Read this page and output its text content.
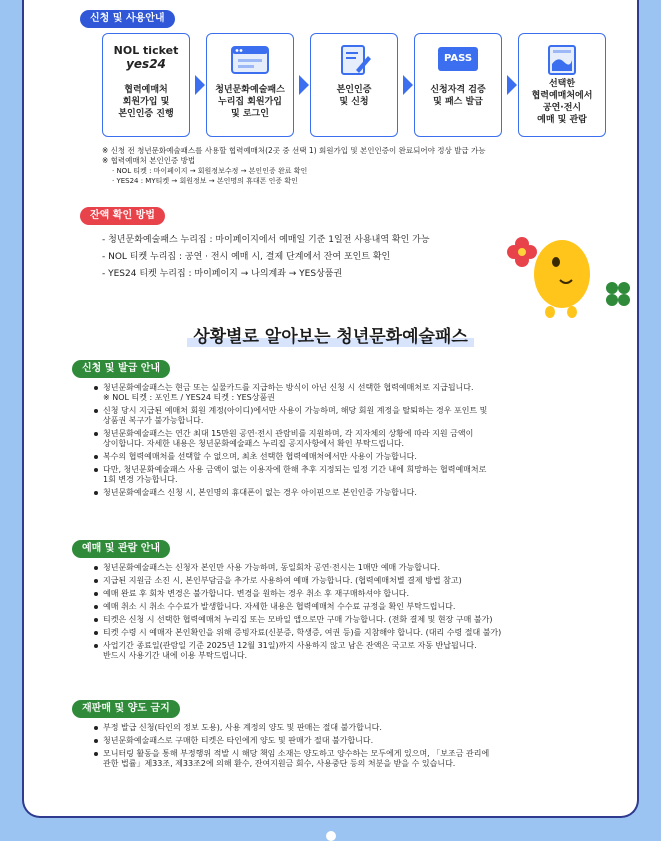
신청 및 사용안내
NOL ticket
yes24
협력예매처
회원가입 및
본인인증 진행
청년문화예술패스
누리집 회원가입
및 로그인
본인인증
및 신청
PASS
신청자격 검증
및 패스 발급
선택한
협력예매처에서
공연·전시
예매 및 관람
※ 신청 전 청년문화예술패스를 사용할 협력예매처(2곳 중 선택 1) 회원가입 및 본인인증이 완료되어야 정상 발급 가능
※ 협력예매처 본인인증 방법
· NOL 티켓 : 마이페이지 → 회원정보수정 → 본인인증 완료 확인
· YES24 : MY티켓 → 회원정보 → 본인명의 휴대폰 인증 확인
잔액 확인 방법
- 청년문화예술패스 누리집 : 마이페이지에서 예매일 기준 1일전 사용내역 확인 가능
- NOL 티켓 누리집 : 공연 · 전시 예매 시, 결제 단계에서 잔여 포인트 확인
- YES24 티켓 누리집 : 마이페이지 → 나의계좌 → YES상품권
상황별로 알아보는 청년문화예술패스
신청 및 발급 안내
청년문화예술패스는 현금 또는 실물카드를 지급하는 방식이 아닌 신청 시 선택한 협력예매처로 지급됩니다.
※ NOL 티켓 : 포인트 / YES24 티켓 : YES상품권
신청 당시 지급된 예매처 회원 계정(아이디)에서만 사용이 가능하며, 해당 회원 계정을 탈퇴하는 경우 포인트 및
상품권 복구가 불가능합니다.
청년문화예술패스는 연간 최대 15만원 공연·전시 관람비를 지원하며, 각 지자체의 상황에 따라 지원 금액이
상이합니다. 자세한 내용은 청년문화예술패스 누리집 공지사항에서 확인 부탁드립니다.
복수의 협력예매처를 선택할 수 없으며, 최초 선택한 협력예매처에서만 사용이 가능합니다.
다만, 청년문화예술패스 사용 금액이 없는 이용자에 한해 추후 지정되는 일정 기간 내에 희망하는 협력예매처로
1회 변경 가능합니다.
청년문화예술패스 신청 시, 본인명의 휴대폰이 없는 경우 아이핀으로 본인인증 가능합니다.
예매 및 관람 안내
청년문화예술패스는 신청자 본인만 사용 가능하며, 동일회차 공연·전시는 1매만 예매 가능합니다.
지급된 지원금 소진 시, 본인부담금을 추가로 사용하여 예매 가능합니다. (협력예매처별 결제 방법 참고)
예매 완료 후 회차 변경은 불가합니다. 변경을 원하는 경우 취소 후 재구매하셔야 합니다.
예매 취소 시 취소 수수료가 발생합니다. 자세한 내용은 협력예매처 수수료 규정을 확인 부탁드립니다.
티켓은 신청 시 선택한 협력예매처 누리집 또는 모바일 앱으로만 구매 가능합니다. (전화 결제 및 현장 구매 불가)
티켓 수령 시 예매자 본인확인을 위해 증빙자료(신분증, 학생증, 여권 등)를 지참해야 합니다. (대리 수령 절대 불가)
사업기간 종료일(관람일 기준 2025년 12월 31일)까지 사용하지 않고 남은 잔액은 국고로 자동 반납됩니다.
반드시 사용기간 내에 이용 부탁드립니다.
재판매 및 양도 금지
부정 발급 신청(타인의 정보 도용), 사용 계정의 양도 및 판매는 절대 불가합니다.
청년문화예술패스로 구매한 티켓은 타인에게 양도 및 판매가 절대 불가합니다.
모니터링 활동을 통해 부정행위 적발 시 해당 책임 소재는 양도하고 양수하는 모두에게 있으며, 「보조금 관리에
관한 법률」제33조, 제33조2에 의해 환수, 잔여지원금 회수, 사용중단 등의 처분을 받을 수 있습니다.
